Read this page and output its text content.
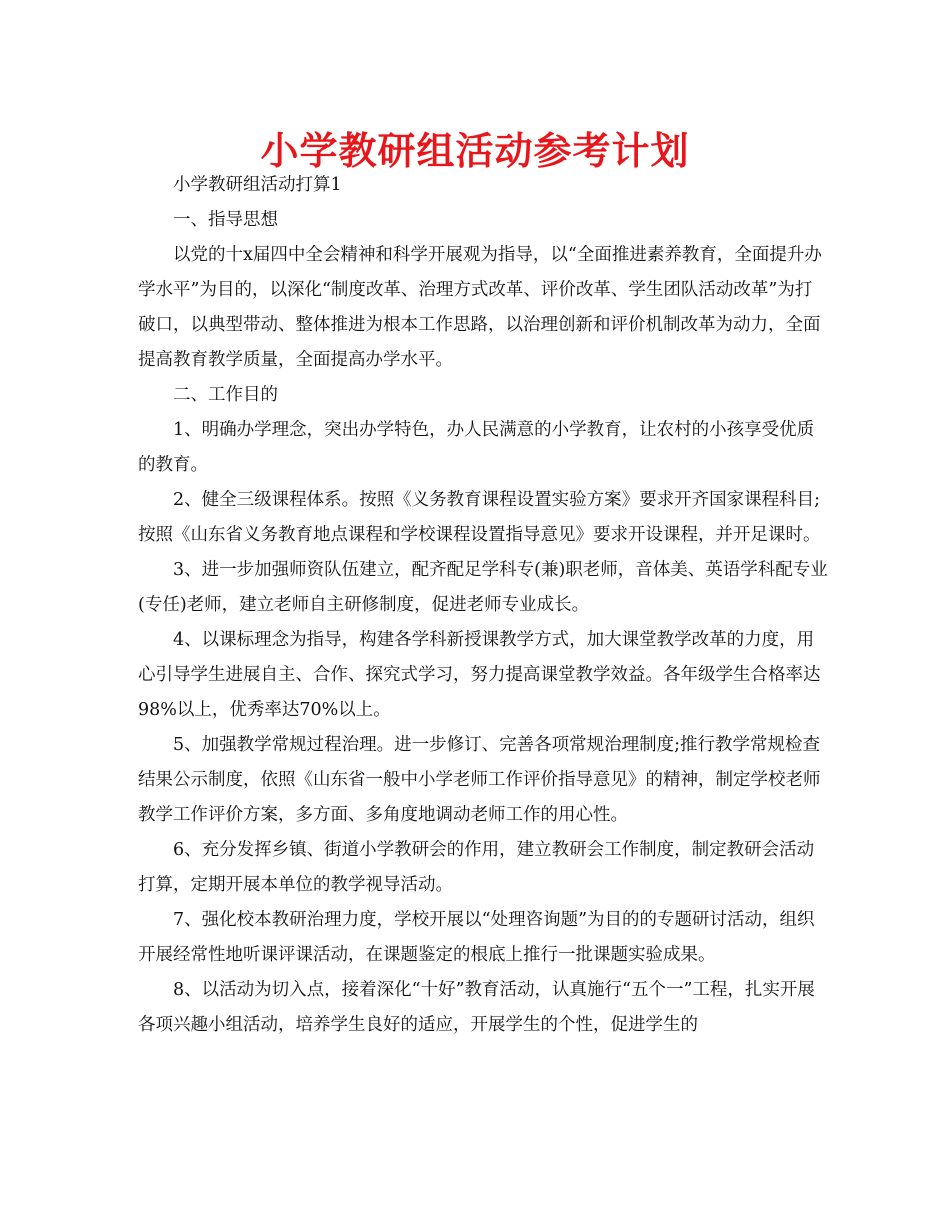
小学教研组活动参考计划

小学教研组活动打算1

一、指导思想

以党的十x届四中全会精神和科学开展观为指导，以“全面推进素养教育，全面提升办学水平”为目的，以深化“制度改革、治理方式改革、评价改革、学生团队活动改革”为打破口，以典型带动、整体推进为根本工作思路，以治理创新和评价机制改革为动力，全面提高教育教学质量，全面提高办学水平。

二、工作目的

1、明确办学理念，突出办学特色，办人民满意的小学教育，让农村的小孩享受优质的教育。

2、健全三级课程体系。按照《义务教育课程设置实验方案》要求开齐国家课程科目;按照《山东省义务教育地点课程和学校课程设置指导意见》要求开设课程，并开足课时。

3、进一步加强师资队伍建立，配齐配足学科专(兼)职老师，音体美、英语学科配专业(专任)老师，建立老师自主研修制度，促进老师专业成长。

4、以课标理念为指导，构建各学科新授课教学方式，加大课堂教学改革的力度，用心引导学生进展自主、合作、探究式学习，努力提高课堂教学效益。各年级学生合格率达98%以上，优秀率达70%以上。

5、加强教学常规过程治理。进一步修订、完善各项常规治理制度;推行教学常规检查结果公示制度，依照《山东省一般中小学老师工作评价指导意见》的精神，制定学校老师教学工作评价方案，多方面、多角度地调动老师工作的用心性。

6、充分发挥乡镇、街道小学教研会的作用，建立教研会工作制度，制定教研会活动打算，定期开展本单位的教学视导活动。

7、强化校本教研治理力度，学校开展以“处理咨询题”为目的的专题研讨活动，组织开展经常性地听课评课活动，在课题鉴定的根底上推行一批课题实验成果。

8、以活动为切入点，接着深化“十好”教育活动，认真施行“五个一”工程，扎实开展各项兴趣小组活动，培养学生良好的适应，开展学生的个性，促进学生的
